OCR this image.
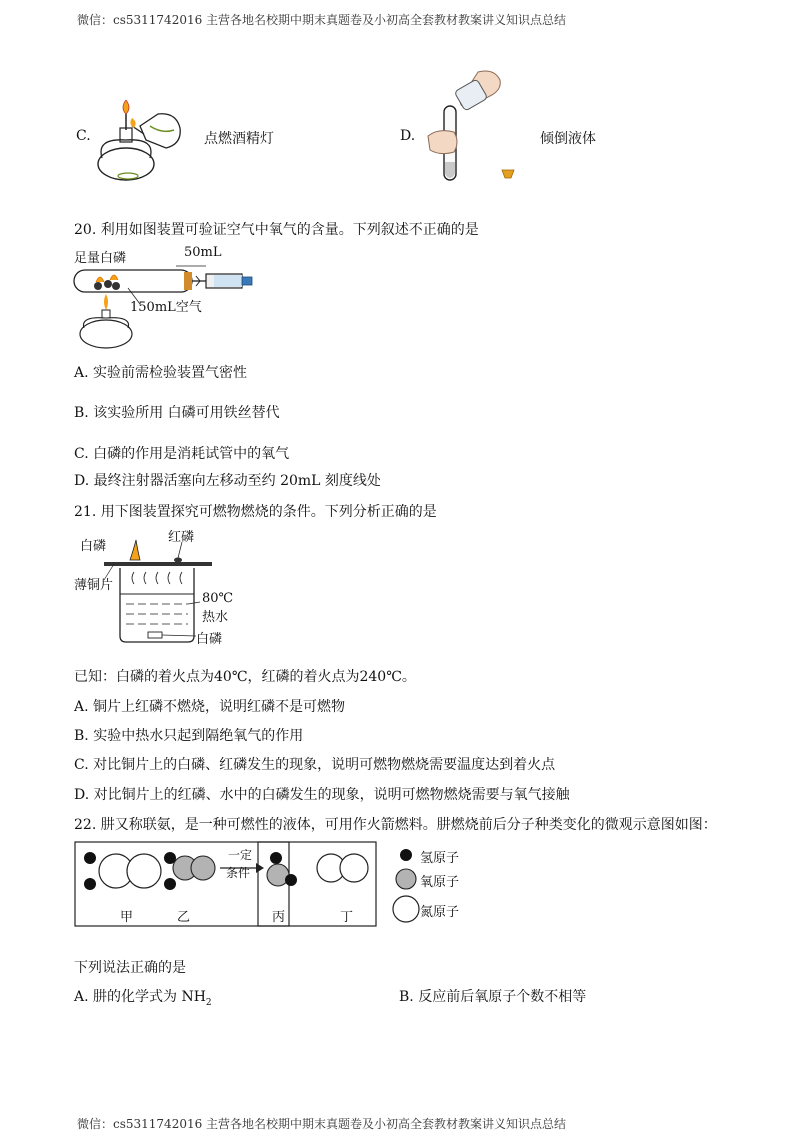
微信：cs5311742016 主营各地名校期中期末真题卷及小初高全套教材教案讲义知识点总结
C.	点燃酒精灯	D.	倾倒液体
20. 利用如图装置可验证空气中氧气的含量。下列叙述不正确的是
足量白磷	50mL
150mL空气
A. 实验前需检验装置气密性
B. 该实验所用 白磷可用铁丝替代
C. 白磷的作用是消耗试管中的氧气
D. 最终注射器活塞向左移动至约 20mL 刻度线处
21. 用下图装置探究可燃物燃烧的条件。下列分析正确的是
白磷
红磷
薄铜片
80℃
热水
白磷
已知：白磷的着火点为40℃，红磷的着火点为240℃。
A. 铜片上红磷不燃烧，说明红磷不是可燃物
B. 实验中热水只起到隔绝氧气的作用
C. 对比铜片上的白磷、红磷发生的现象，说明可燃物燃烧需要温度达到着火点
D. 对比铜片上的红磷、水中的白磷发生的现象，说明可燃物燃烧需要与氧气接触
22. 肼又称联氨，是一种可燃性的液体，可用作火箭燃料。肼燃烧前后分子种类变化的微观示意图如图：
甲	乙	丙	丁
一定
条件
氢原子
氧原子
氮原子
下列说法正确的是
A. 肼的化学式为 $NH_2$	B. 反应前后氧原子个数不相等
微信：cs5311742016 主营各地名校期中期末真题卷及小初高全套教材教案讲义知识点总结
